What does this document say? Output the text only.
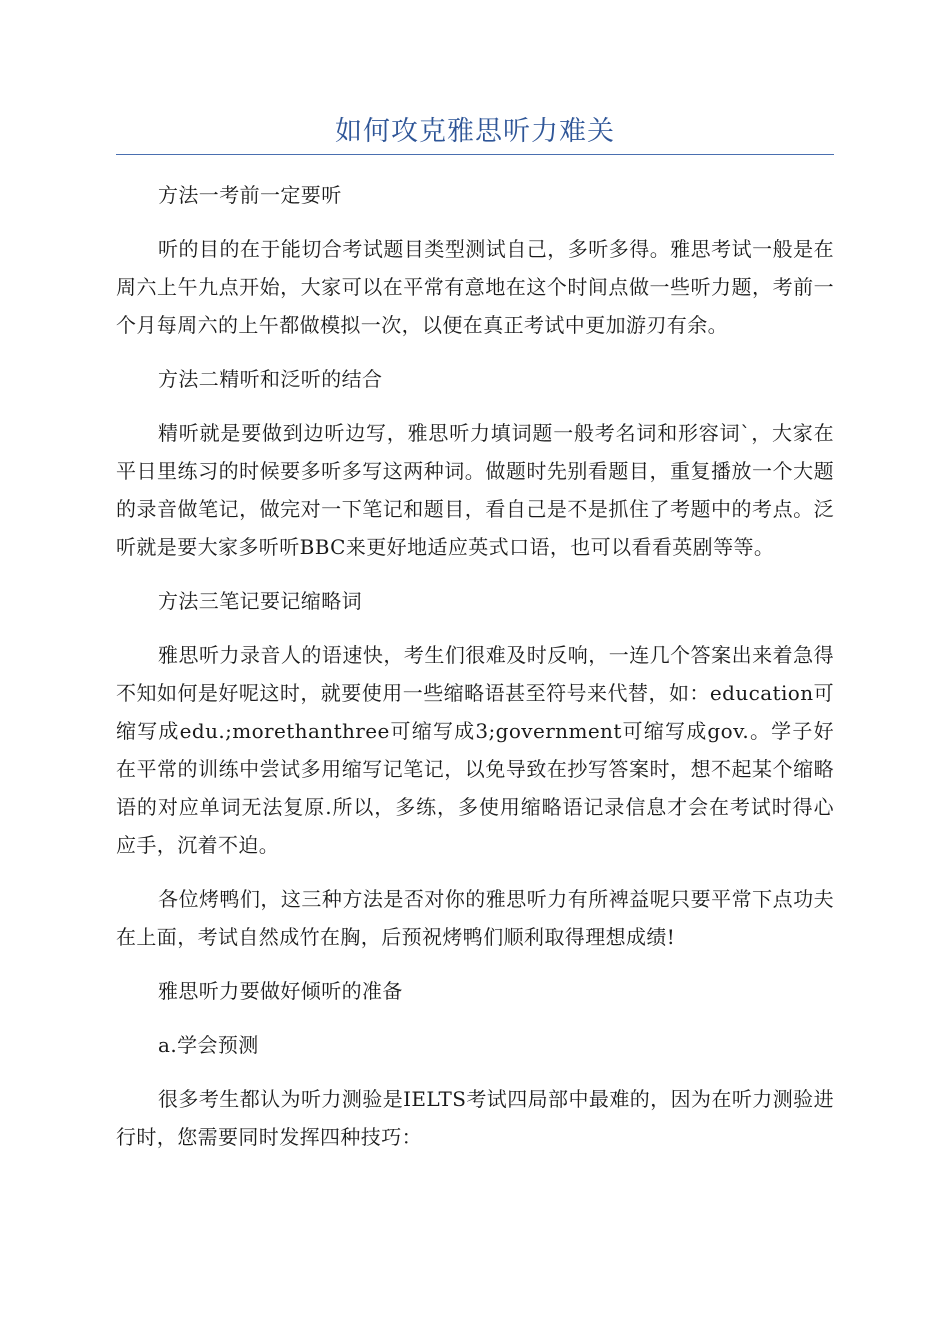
如何攻克雅思听力难关

方法一考前一定要听

听的目的在于能切合考试题目类型测试自己，多听多得。雅思考试一般是在周六上午九点开始，大家可以在平常有意地在这个时间点做一些听力题，考前一个月每周六的上午都做模拟一次，以便在真正考试中更加游刃有余。

方法二精听和泛听的结合

精听就是要做到边听边写，雅思听力填词题一般考名词和形容词`，大家在平日里练习的时候要多听多写这两种词。做题时先别看题目，重复播放一个大题的录音做笔记，做完对一下笔记和题目，看自己是不是抓住了考题中的考点。泛听就是要大家多听听BBC来更好地适应英式口语，也可以看看英剧等等。

方法三笔记要记缩略词

雅思听力录音人的语速快，考生们很难及时反响，一连几个答案出来着急得不知如何是好呢这时，就要使用一些缩略语甚至符号来代替，如：education可缩写成edu.;morethanthree可缩写成3;government可缩写成gov.。学子好在平常的训练中尝试多用缩写记笔记，以免导致在抄写答案时，想不起某个缩略语的对应单词无法复原.所以，多练，多使用缩略语记录信息才会在考试时得心应手，沉着不迫。

各位烤鸭们，这三种方法是否对你的雅思听力有所裨益呢只要平常下点功夫在上面，考试自然成竹在胸，后预祝烤鸭们顺利取得理想成绩!

雅思听力要做好倾听的准备

a.学会预测

很多考生都认为听力测验是IELTS考试四局部中最难的，因为在听力测验进行时，您需要同时发挥四种技巧：
